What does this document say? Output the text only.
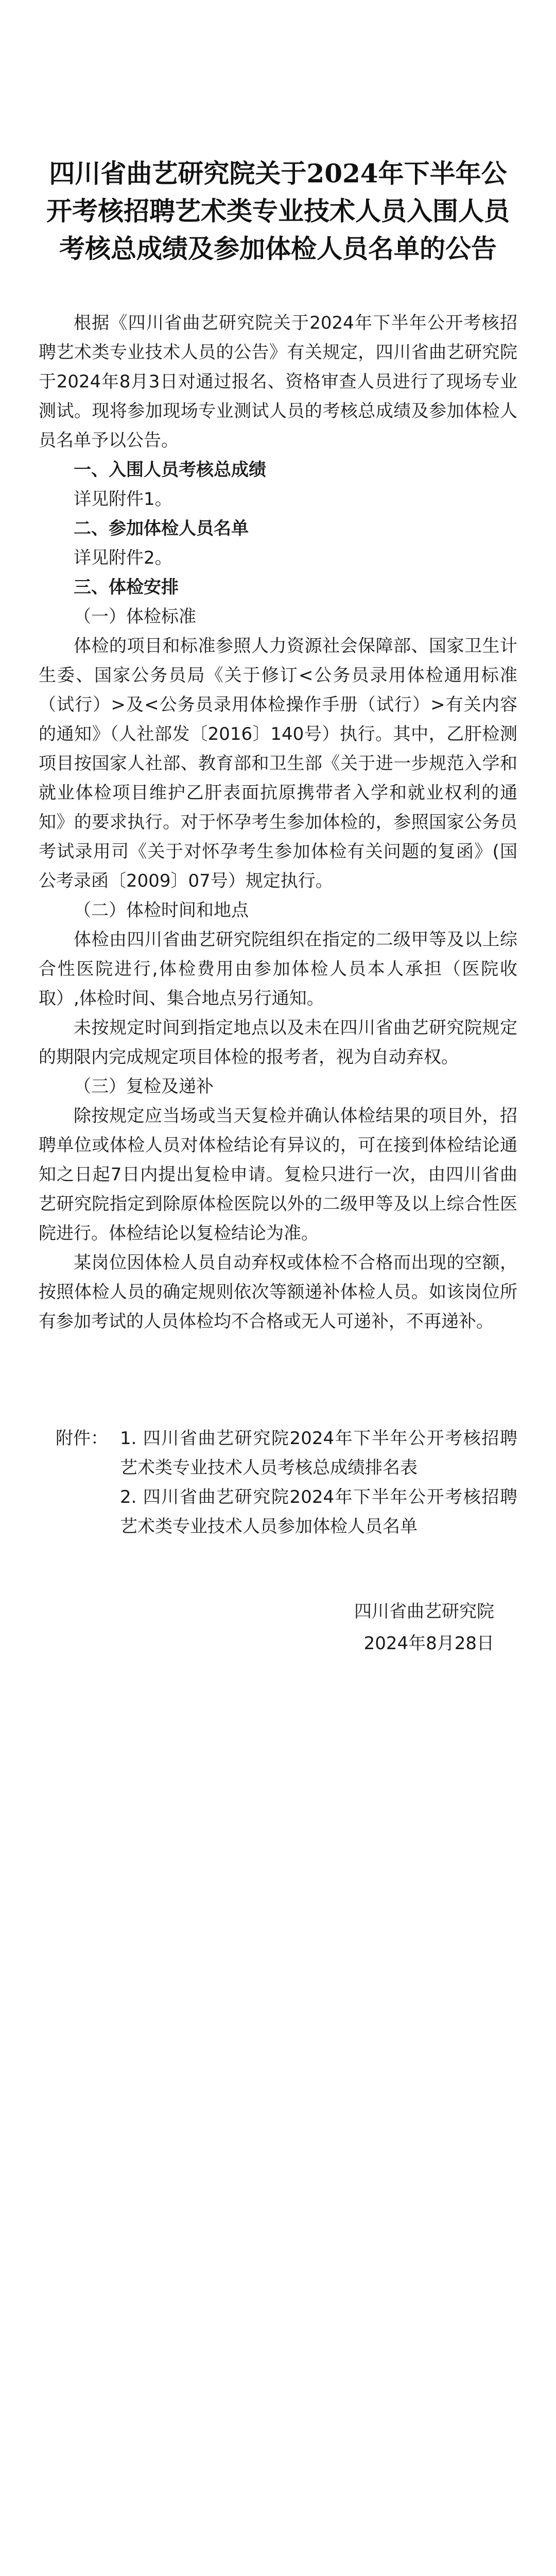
四川省曲艺研究院关于2024年下半年公开考核招聘艺术类专业技术人员入围人员考核总成绩及参加体检人员名单的公告

根据《四川省曲艺研究院关于2024年下半年公开考核招聘艺术类专业技术人员的公告》有关规定，四川省曲艺研究院于2024年8月3日对通过报名、资格审查人员进行了现场专业测试。现将参加现场专业测试人员的考核总成绩及参加体检人员名单予以公告。

一、入围人员考核总成绩

详见附件1。

二、参加体检人员名单

详见附件2。

三、体检安排

（一）体检标准

体检的项目和标准参照人力资源社会保障部、国家卫生计生委、国家公务员局《关于修订<公务员录用体检通用标准（试行）>及<公务员录用体检操作手册（试行）>有关内容的通知》（人社部发〔2016〕140号）执行。其中，乙肝检测项目按国家人社部、教育部和卫生部《关于进一步规范入学和就业体检项目维护乙肝表面抗原携带者入学和就业权利的通知》的要求执行。对于怀孕考生参加体检的，参照国家公务员考试录用司《关于对怀孕考生参加体检有关问题的复函》(国公考录函〔2009〕07号）规定执行。

（二）体检时间和地点

体检由四川省曲艺研究院组织在指定的二级甲等及以上综合性医院进行,体检费用由参加体检人员本人承担（医院收取）,体检时间、集合地点另行通知。

未按规定时间到指定地点以及未在四川省曲艺研究院规定的期限内完成规定项目体检的报考者，视为自动弃权。

（三）复检及递补

除按规定应当场或当天复检并确认体检结果的项目外，招聘单位或体检人员对体检结论有异议的，可在接到体检结论通知之日起7日内提出复检申请。复检只进行一次，由四川省曲艺研究院指定到除原体检医院以外的二级甲等及以上综合性医院进行。体检结论以复检结论为准。

某岗位因体检人员自动弃权或体检不合格而出现的空额，按照体检人员的确定规则依次等额递补体检人员。如该岗位所有参加考试的人员体检均不合格或无人可递补，不再递补。

附件： 1. 四川省曲艺研究院2024年下半年公开考核招聘艺术类专业技术人员考核总成绩排名表

2. 四川省曲艺研究院2024年下半年公开考核招聘艺术类专业技术人员参加体检人员名单

四川省曲艺研究院
2024年8月28日
